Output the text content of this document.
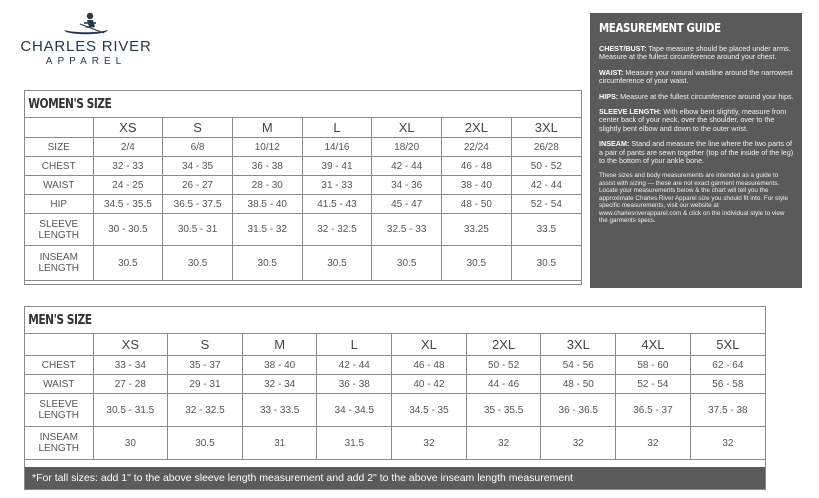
CHARLES RIVER
APPAREL
WOMEN'S SIZE
	XS	S	M	L	XL	2XL	3XL
SIZE	2/4	6/8	10/12	14/16	18/20	22/24	26/28
CHEST	32 - 33	34 - 35	36 - 38	39 - 41	42 - 44	46 - 48	50 - 52
WAIST	24 - 25	26 - 27	28 - 30	31 - 33	34 - 36	38 - 40	42 - 44
HIP	34.5 - 35.5	36.5 - 37.5	38.5 - 40	41.5 - 43	45 - 47	48 - 50	52 - 54
SLEEVE LENGTH	30 - 30.5	30.5 - 31	31.5 - 32	32 - 32.5	32.5 - 33	33.25	33.5
INSEAM LENGTH	30.5	30.5	30.5	30.5	30.5	30.5	30.5
MEN'S SIZE
	XS	S	M	L	XL	2XL	3XL	4XL	5XL
CHEST	33 - 34	35 - 37	38 - 40	42 - 44	46 - 48	50 - 52	54 - 56	58 - 60	62 - 64
WAIST	27 - 28	29 - 31	32 - 34	36 - 38	40 - 42	44 - 46	48 - 50	52 - 54	56 - 58
SLEEVE LENGTH	30.5 - 31.5	32 - 32.5	33 - 33.5	34 - 34.5	34.5 - 35	35 - 35.5	36 - 36.5	36.5 - 37	37.5 - 38
INSEAM LENGTH	30	30.5	31	31.5	32	32	32	32	32
*For tall sizes: add 1" to the above sleeve length measurement and add 2" to the above inseam length measurement
MEASUREMENT GUIDE
CHEST/BUST: Tape measure should be placed under arms. Measure at the fullest circumference around your chest.
WAIST: Measure your natural waistline around the narrowest circumference of your waist.
HIPS: Measure at the fullest circumference around your hips.
SLEEVE LENGTH: With elbow bent slightly, measure from center back of your neck, over the shoulder, over to the slightly bent elbow and down to the outer wrist.
INSEAM: Stand and measure the line where the two parts of a pair of pants are sewn together (top of the inside of the leg) to the bottom of your ankle bone.
These sizes and body measurements are intended as a guide to assist with sizing — these are not exact garment measurements. Locate your measurements below & the chart will tell you the approximate Charles River Apparel size you should fit into. For style specific measurements, visit our website at www.charlesriverapparel.com & click on the individual style to view the garments specs.
